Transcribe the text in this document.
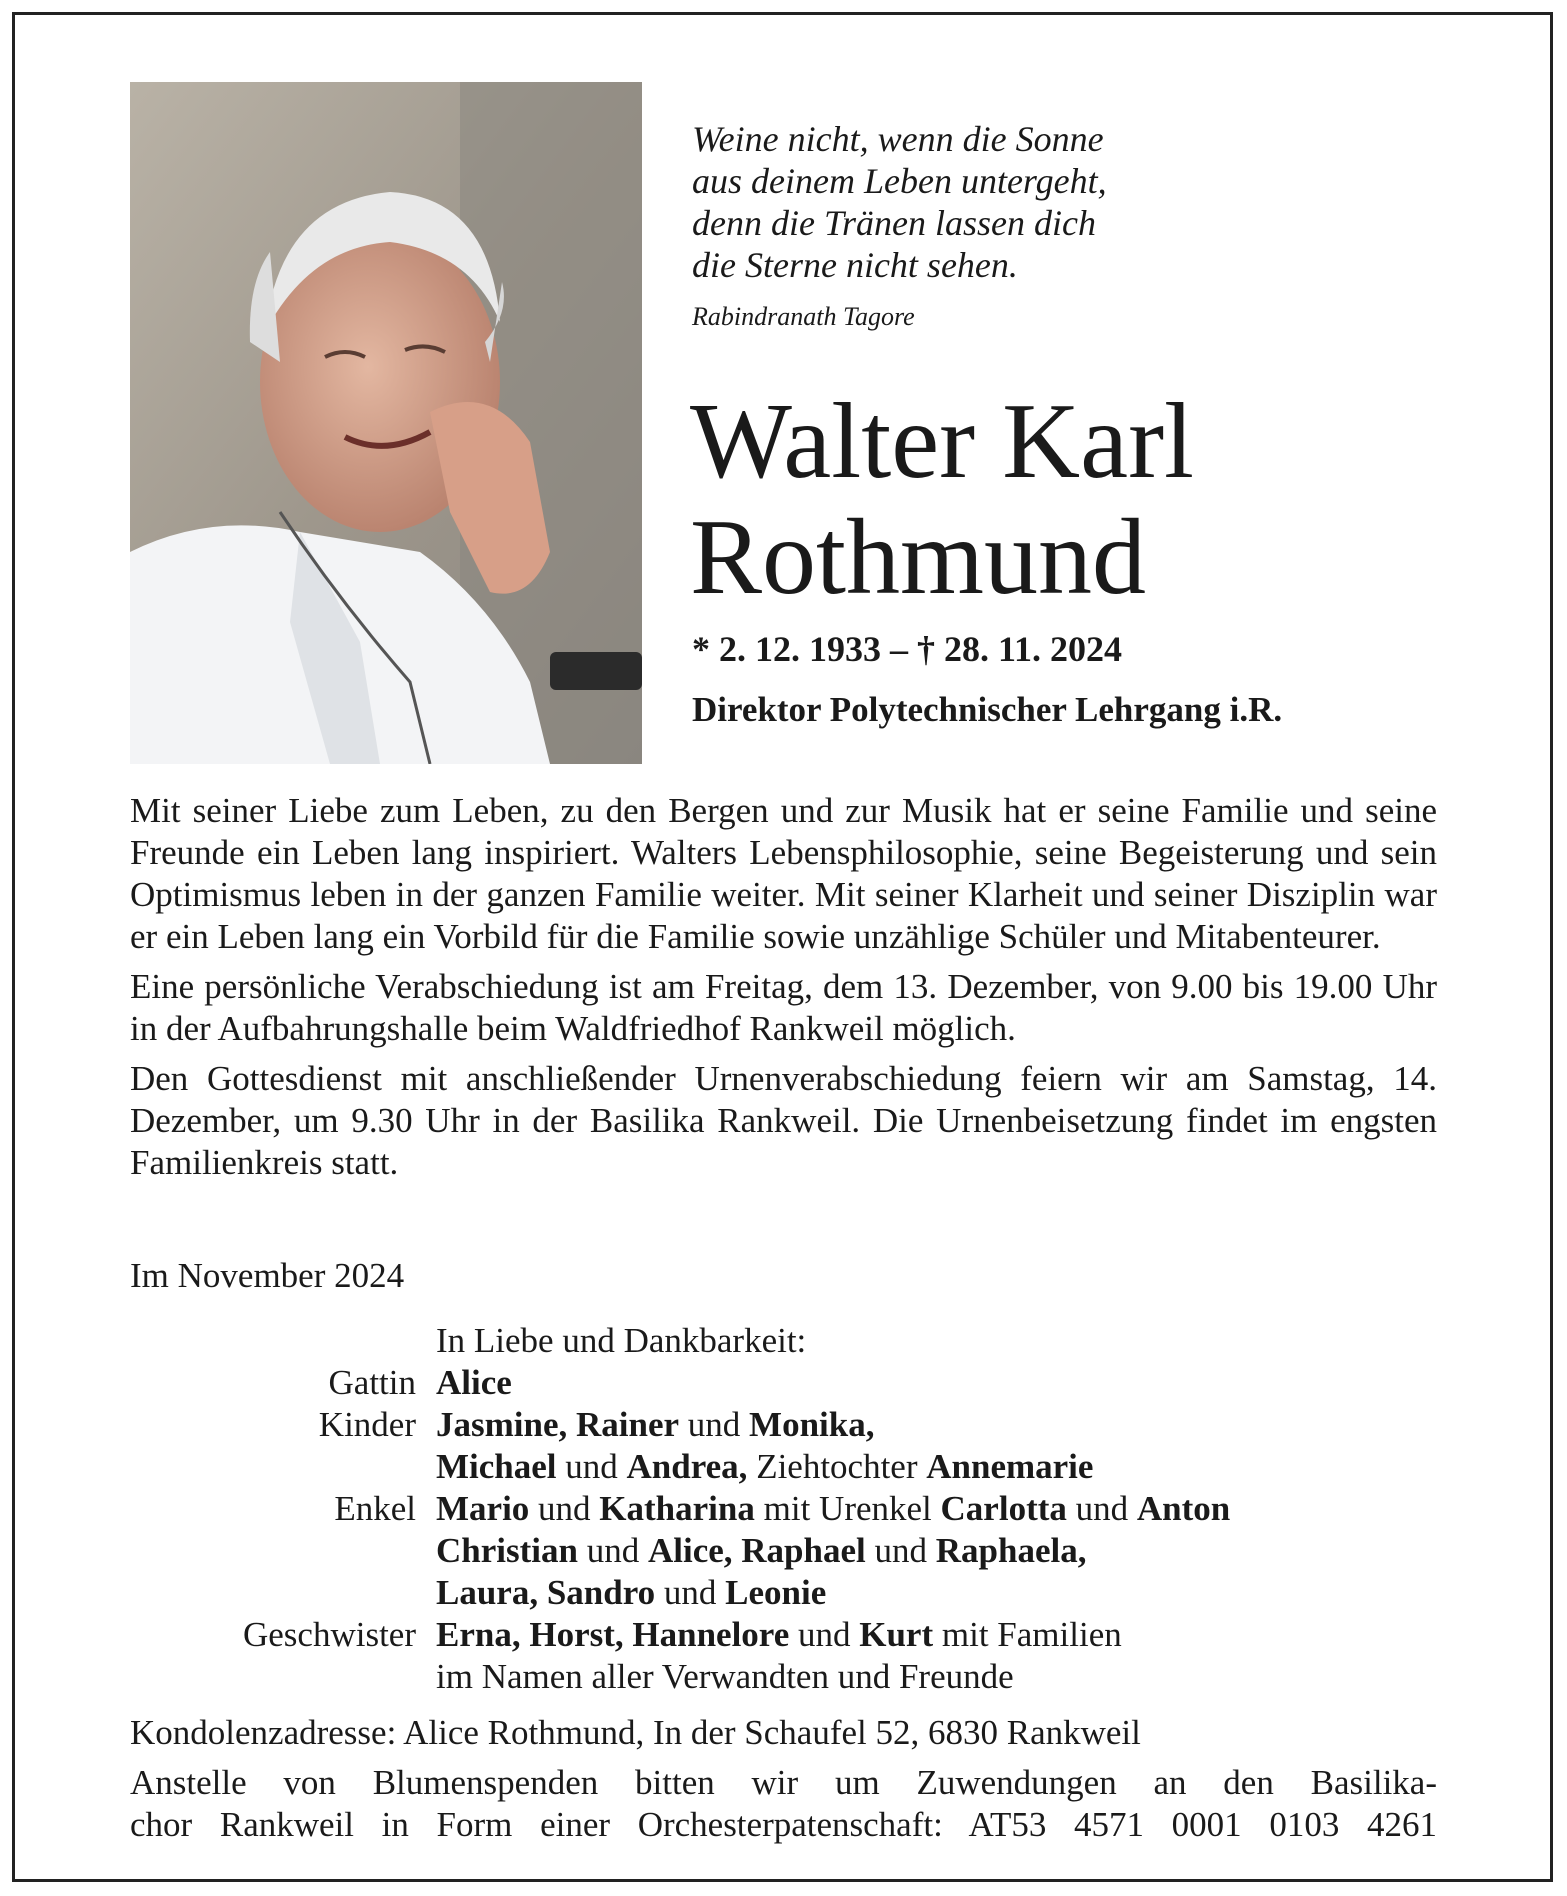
Weine nicht, wenn die Sonne
aus deinem Leben untergeht,
denn die Tränen lassen dich
die Sterne nicht sehen.
Rabindranath Tagore
Walter Karl
Rothmund
* 2. 12. 1933 – † 28. 11. 2024
Direktor Polytechnischer Lehrgang i.R.

Mit seiner Liebe zum Leben, zu den Bergen und zur Musik hat er seine Familie und seine Freunde ein Leben lang inspiriert. Walters Lebensphilosophie, seine Begeisterung und sein Optimismus leben in der ganzen Familie weiter. Mit seiner Klarheit und seiner Disziplin war er ein Leben lang ein Vorbild für die Familie sowie unzählige Schüler und Mitabenteurer.

Eine persönliche Verabschiedung ist am Freitag, dem 13. Dezember, von 9.00 bis 19.00 Uhr in der Aufbahrungshalle beim Waldfriedhof Rankweil möglich.

Den Gottesdienst mit anschließender Urnenverabschiedung feiern wir am Samstag, 14. Dezember, um 9.30 Uhr in der Basilika Rankweil. Die Urnenbeisetzung findet im engsten Familienkreis statt.

Im November 2024
In Liebe und Dankbarkeit:
Gattin Alice
Kinder Jasmine, Rainer und Monika,
Michael und Andrea, Ziehtochter Annemarie
Enkel Mario und Katharina mit Urenkel Carlotta und Anton
Christian und Alice, Raphael und Raphaela,
Laura, Sandro und Leonie
Geschwister Erna, Horst, Hannelore und Kurt mit Familien
im Namen aller Verwandten und Freunde
Kondolenzadresse: Alice Rothmund, In der Schaufel 52, 6830 Rankweil
Anstelle von Blumenspenden bitten wir um Zuwendungen an den Basilika-
chor Rankweil in Form einer Orchesterpatenschaft: AT53 4571 0001 0103 4261
